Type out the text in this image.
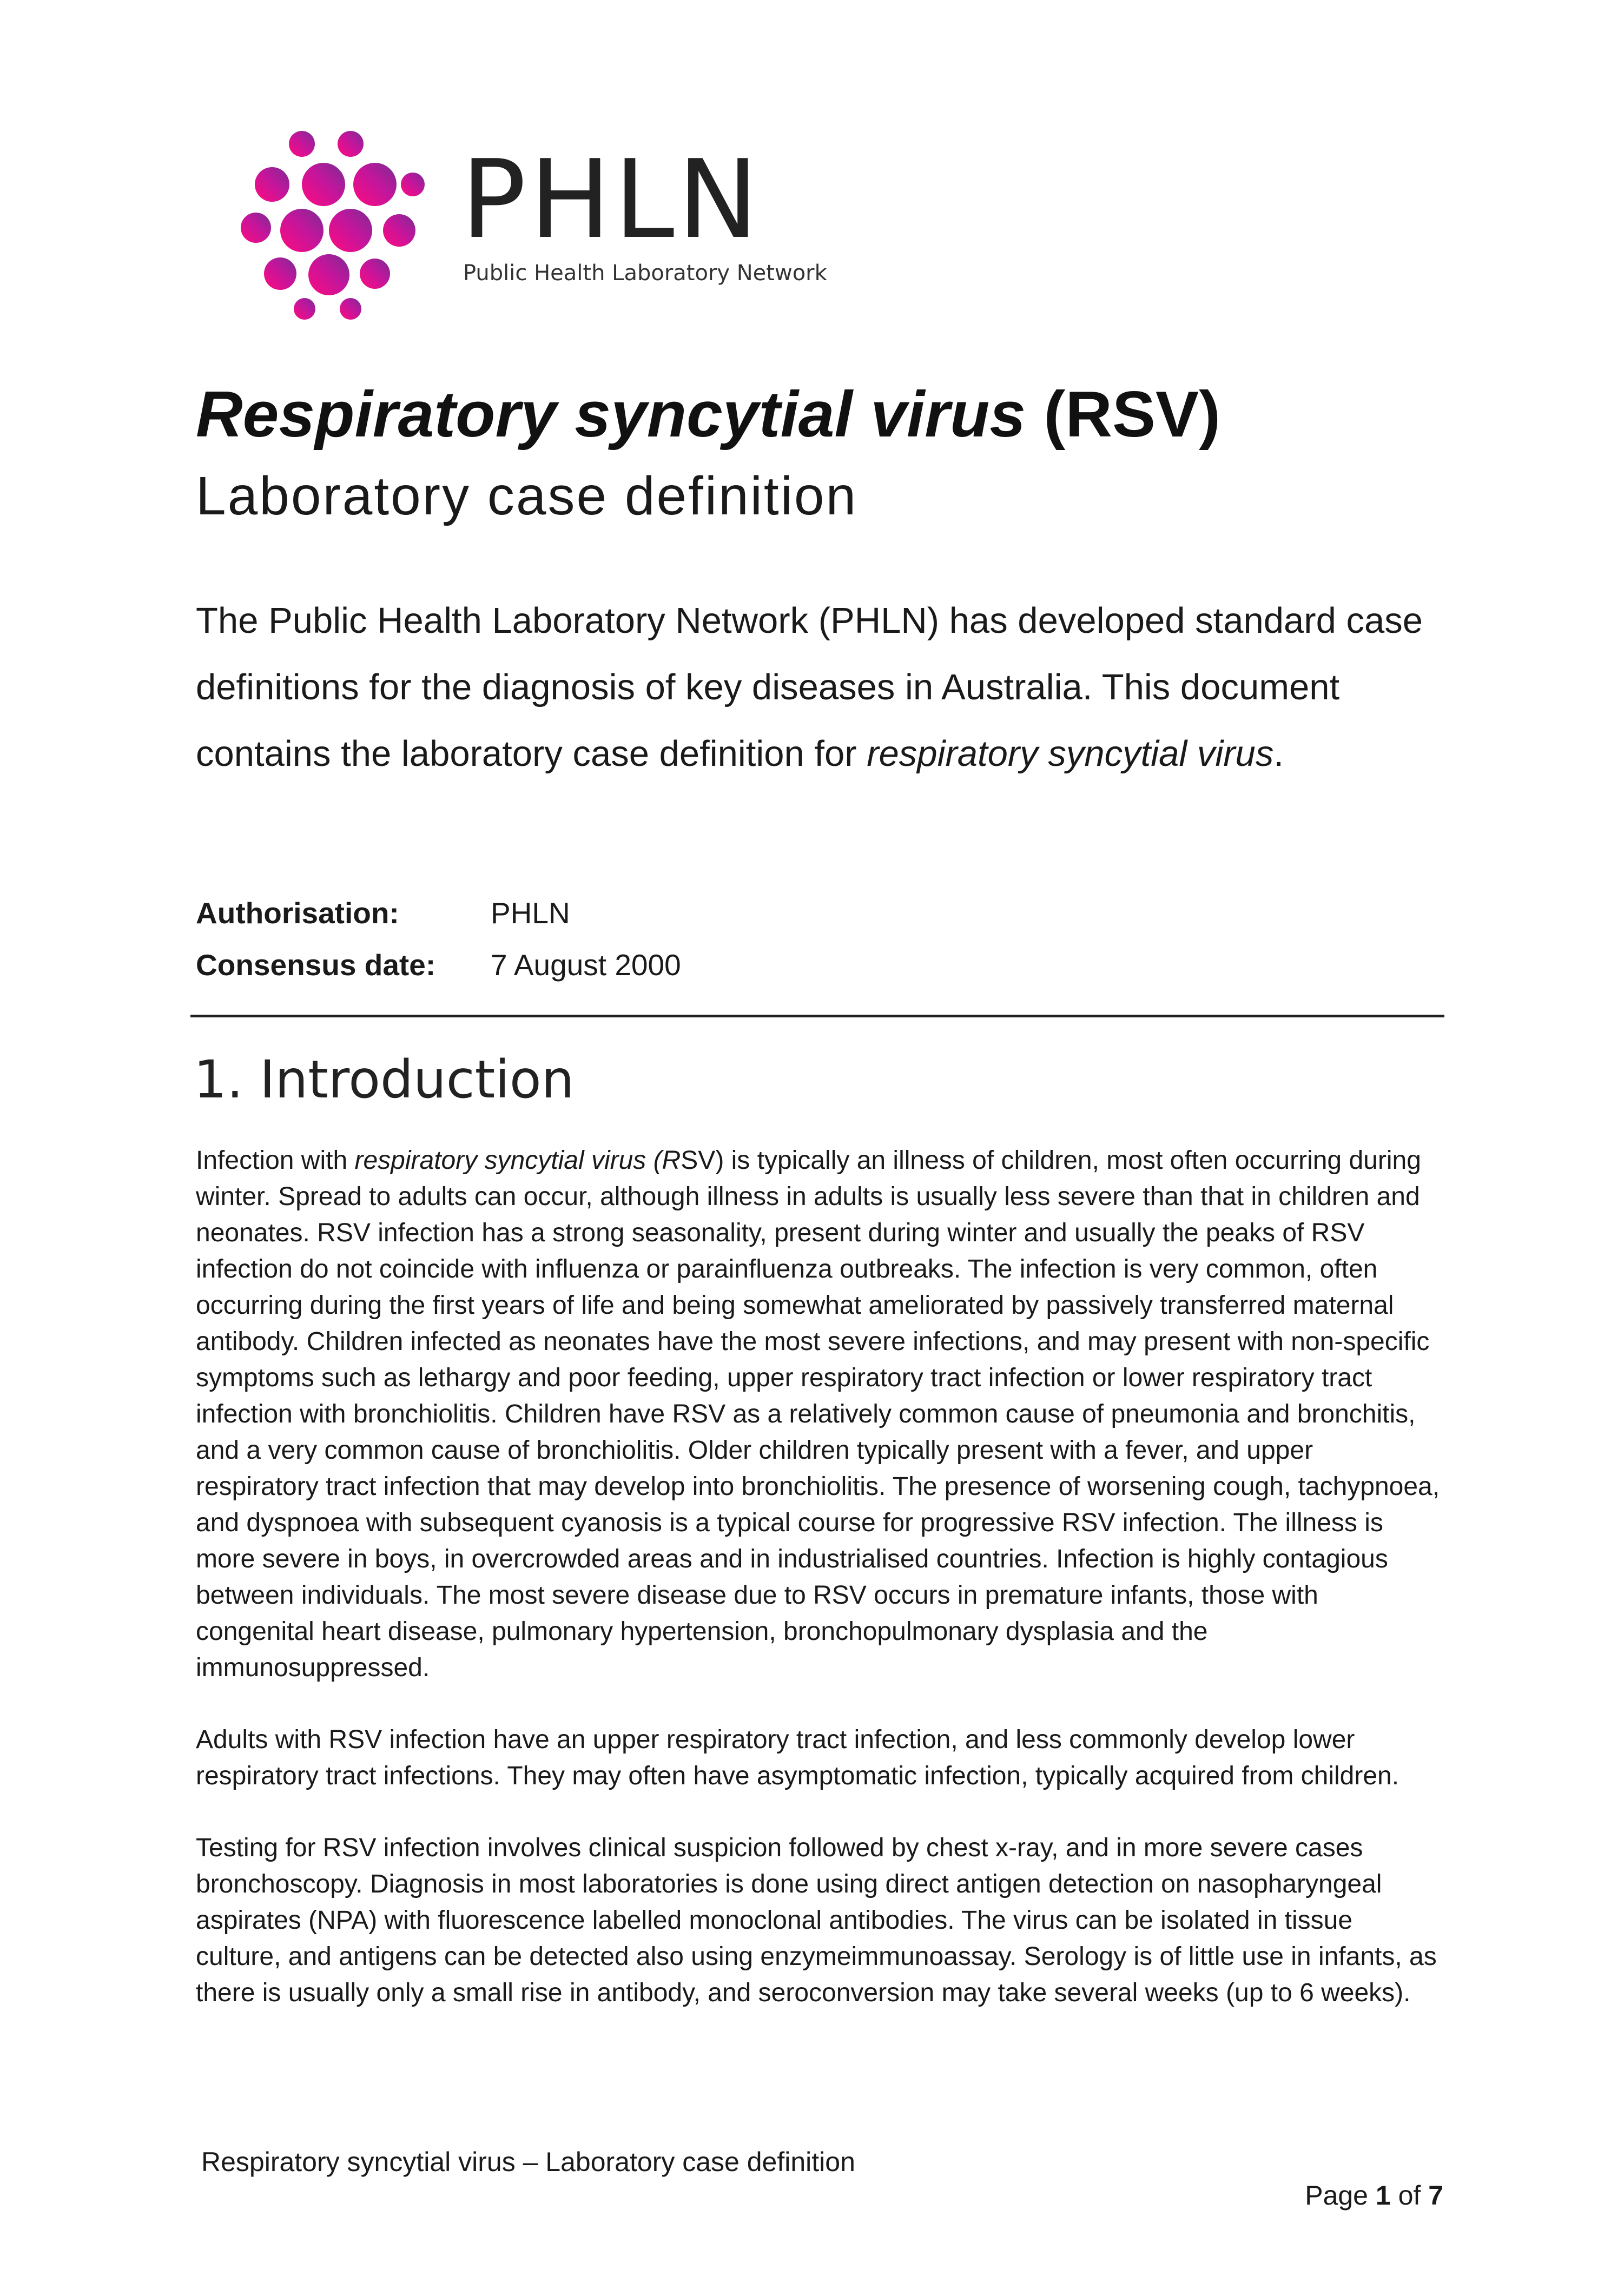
PHLN
Public Health Laboratory Network
Respiratory syncytial virus (RSV)
Laboratory case definition
The Public Health Laboratory Network (PHLN) has developed standard case definitions for the diagnosis of key diseases in Australia. This document contains the laboratory case definition for respiratory syncytial virus.
Authorisation:	PHLN
Consensus date:	7 August 2000
1. Introduction

Infection with respiratory syncytial virus (RSV) is typically an illness of children, most often occurring during winter. Spread to adults can occur, although illness in adults is usually less severe than that in children and neonates. RSV infection has a strong seasonality, present during winter and usually the peaks of RSV infection do not coincide with influenza or parainfluenza outbreaks. The infection is very common, often occurring during the first years of life and being somewhat ameliorated by passively transferred maternal antibody. Children infected as neonates have the most severe infections, and may present with non-specific symptoms such as lethargy and poor feeding, upper respiratory tract infection or lower respiratory tract infection with bronchiolitis. Children have RSV as a relatively common cause of pneumonia and bronchitis, and a very common cause of bronchiolitis. Older children typically present with a fever, and upper respiratory tract infection that may develop into bronchiolitis. The presence of worsening cough, tachypnoea, and dyspnoea with subsequent cyanosis is a typical course for progressive RSV infection. The illness is more severe in boys, in overcrowded areas and in industrialised countries. Infection is highly contagious between individuals. The most severe disease due to RSV occurs in premature infants, those with congenital heart disease, pulmonary hypertension, bronchopulmonary dysplasia and the immunosuppressed.

Adults with RSV infection have an upper respiratory tract infection, and less commonly develop lower respiratory tract infections. They may often have asymptomatic infection, typically acquired from children.

Testing for RSV infection involves clinical suspicion followed by chest x-ray, and in more severe cases bronchoscopy. Diagnosis in most laboratories is done using direct antigen detection on nasopharyngeal aspirates (NPA) with fluorescence labelled monoclonal antibodies. The virus can be isolated in tissue culture, and antigens can be detected also using enzymeimmunoassay. Serology is of little use in infants, as there is usually only a small rise in antibody, and seroconversion may take several weeks (up to 6 weeks).

Respiratory syncytial virus – Laboratory case definition
Page 1 of 7
